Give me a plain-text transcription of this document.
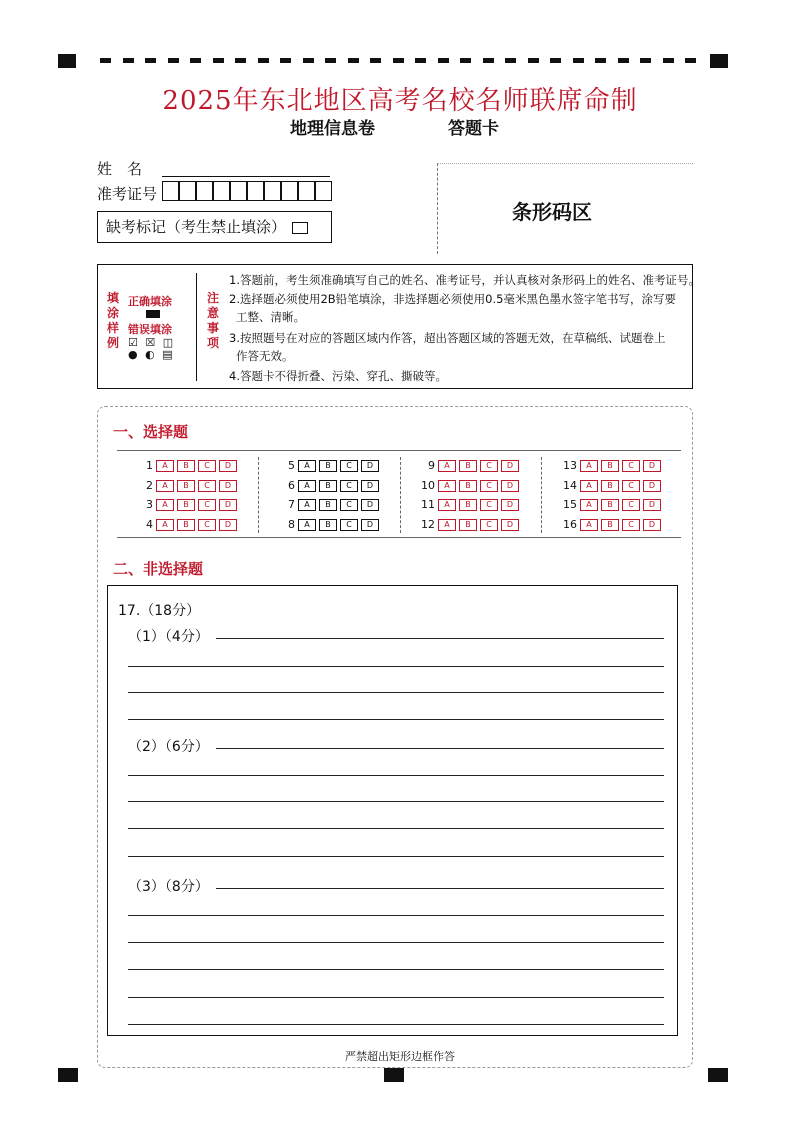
2025年东北地区高考名校名师联席命制
地理信息卷	答题卡
姓　名
准考证号
缺考标记（考生禁止填涂）
条形码区
填涂样例
正确填涂
错误填涂
☑ ☒ ◫ ● ◐ ▤
注意事项
1.答题前，考生须准确填写自己的姓名、准考证号，并认真核对条形码上的姓名、准考证号。
2.选择题必须使用2B铅笔填涂，非选择题必须使用0.5毫米黑色墨水签字笔书写，涂写要
工整、清晰。
3.按照题号在对应的答题区域内作答，超出答题区域的答题无效，在草稿纸、试题卷上
作答无效。
4.答题卡不得折叠、污染、穿孔、撕破等。
一、选择题
1 A B C D
2 A B C D
3 A B C D
4 A B C D
5 A B C D
6 A B C D
7 A B C D
8 A B C D
9 A B C D
10 A B C D
11 A B C D
12 A B C D
13 A B C D
14 A B C D
15 A B C D
16 A B C D
二、非选择题
17.（18分）
（1）（4分）
（2）（6分）
（3）（8分）
严禁超出矩形边框作答
